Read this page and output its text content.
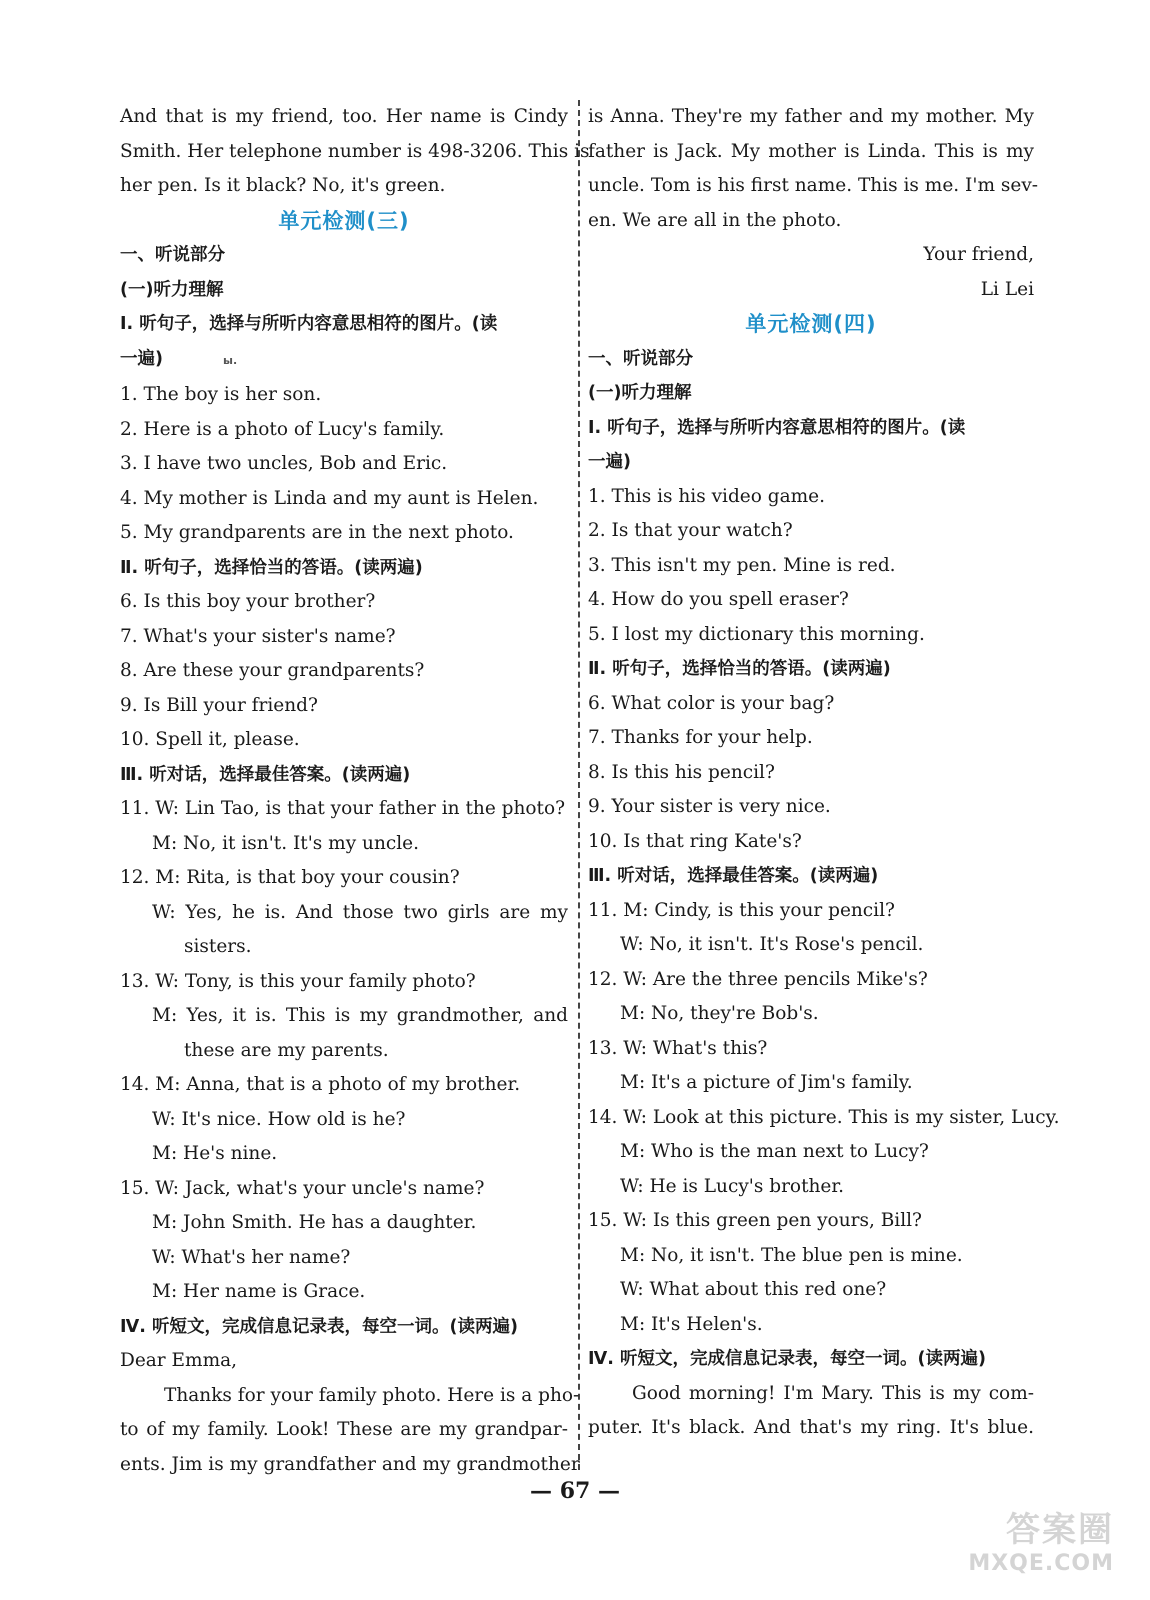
And that is my friend, too. Her name is Cindy
Smith. Her telephone number is 498-3206. This is
her pen. Is it black? No, it's green.
单元检测(三)
一、听说部分
(一)听力理解
Ⅰ. 听句子，选择与所听内容意思相符的图片。(读
一遍)	ы.
1. The boy is her son.
2. Here is a photo of Lucy's family.
3. I have two uncles, Bob and Eric.
4. My mother is Linda and my aunt is Helen.
5. My grandparents are in the next photo.
Ⅱ. 听句子，选择恰当的答语。(读两遍)
6. Is this boy your brother?
7. What's your sister's name?
8. Are these your grandparents?
9. Is Bill your friend?
10. Spell it, please.
Ⅲ. 听对话，选择最佳答案。(读两遍)
11. W: Lin Tao, is that your father in the photo?
M: No, it isn't. It's my uncle.
12. M: Rita, is that boy your cousin?
W: Yes, he is. And those two girls are my
sisters.
13. W: Tony, is this your family photo?
M: Yes, it is. This is my grandmother, and
these are my parents.
14. M: Anna, that is a photo of my brother.
W: It's nice. How old is he?
M: He's nine.
15. W: Jack, what's your uncle's name?
M: John Smith. He has a daughter.
W: What's her name?
M: Her name is Grace.
Ⅳ. 听短文，完成信息记录表，每空一词。(读两遍)
Dear Emma,
Thanks for your family photo. Here is a pho-
to of my family. Look! These are my grandpar-
ents. Jim is my grandfather and my grandmother
is Anna. They're my father and my mother. My
father is Jack. My mother is Linda. This is my
uncle. Tom is his first name. This is me. I'm sev-
en. We are all in the photo.
Your friend,
Li Lei
单元检测(四)
一、听说部分
(一)听力理解
Ⅰ. 听句子，选择与所听内容意思相符的图片。(读
一遍)
1. This is his video game.
2. Is that your watch?
3. This isn't my pen. Mine is red.
4. How do you spell eraser?
5. I lost my dictionary this morning.
Ⅱ. 听句子，选择恰当的答语。(读两遍)
6. What color is your bag?
7. Thanks for your help.
8. Is this his pencil?
9. Your sister is very nice.
10. Is that ring Kate's?
Ⅲ. 听对话，选择最佳答案。(读两遍)
11. M: Cindy, is this your pencil?
W: No, it isn't. It's Rose's pencil.
12. W: Are the three pencils Mike's?
M: No, they're Bob's.
13. W: What's this?
M: It's a picture of Jim's family.
14. W: Look at this picture. This is my sister, Lucy.
M: Who is the man next to Lucy?
W: He is Lucy's brother.
15. W: Is this green pen yours, Bill?
M: No, it isn't. The blue pen is mine.
W: What about this red one?
M: It's Helen's.
Ⅳ. 听短文，完成信息记录表，每空一词。(读两遍)
Good morning! I'm Mary. This is my com-
puter. It's black. And that's my ring. It's blue.
— 67 —
答案圈
MXQE.COM
